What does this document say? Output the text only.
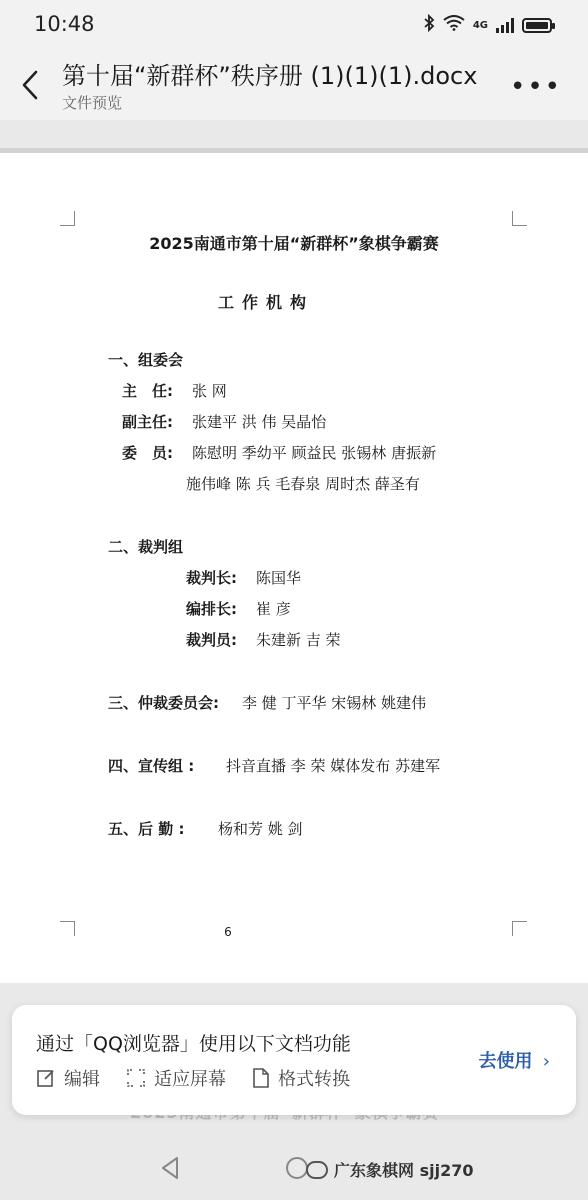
10:48	4G
第十届“新群杯”秩序册 (1)(1)(1).docx
文件预览
•••
2025南通市第十届“新群杯”象棋争霸赛
工作机构
一、组委会
主　任: 张 网
副主任: 张建平 洪 伟 吴晶怡
委　员: 陈慰明 季幼平 顾益民 张锡林 唐振新
施伟峰 陈 兵 毛春泉 周时杰 薛圣有
二、裁判组
裁判长: 陈国华
编排长: 崔 彦
裁判员: 朱建新 吉 荣
三、仲裁委员会: 李 健 丁平华 宋锡林 姚建伟
四、宣传组 : 抖音直播 李 荣 媒体发布 苏建军
五、后 勤 : 杨和芳 姚 剑
6
通过「QQ浏览器」使用以下文档功能
编辑	适应屏幕	格式转换
去使用 ›
广东象棋网 sjj270
